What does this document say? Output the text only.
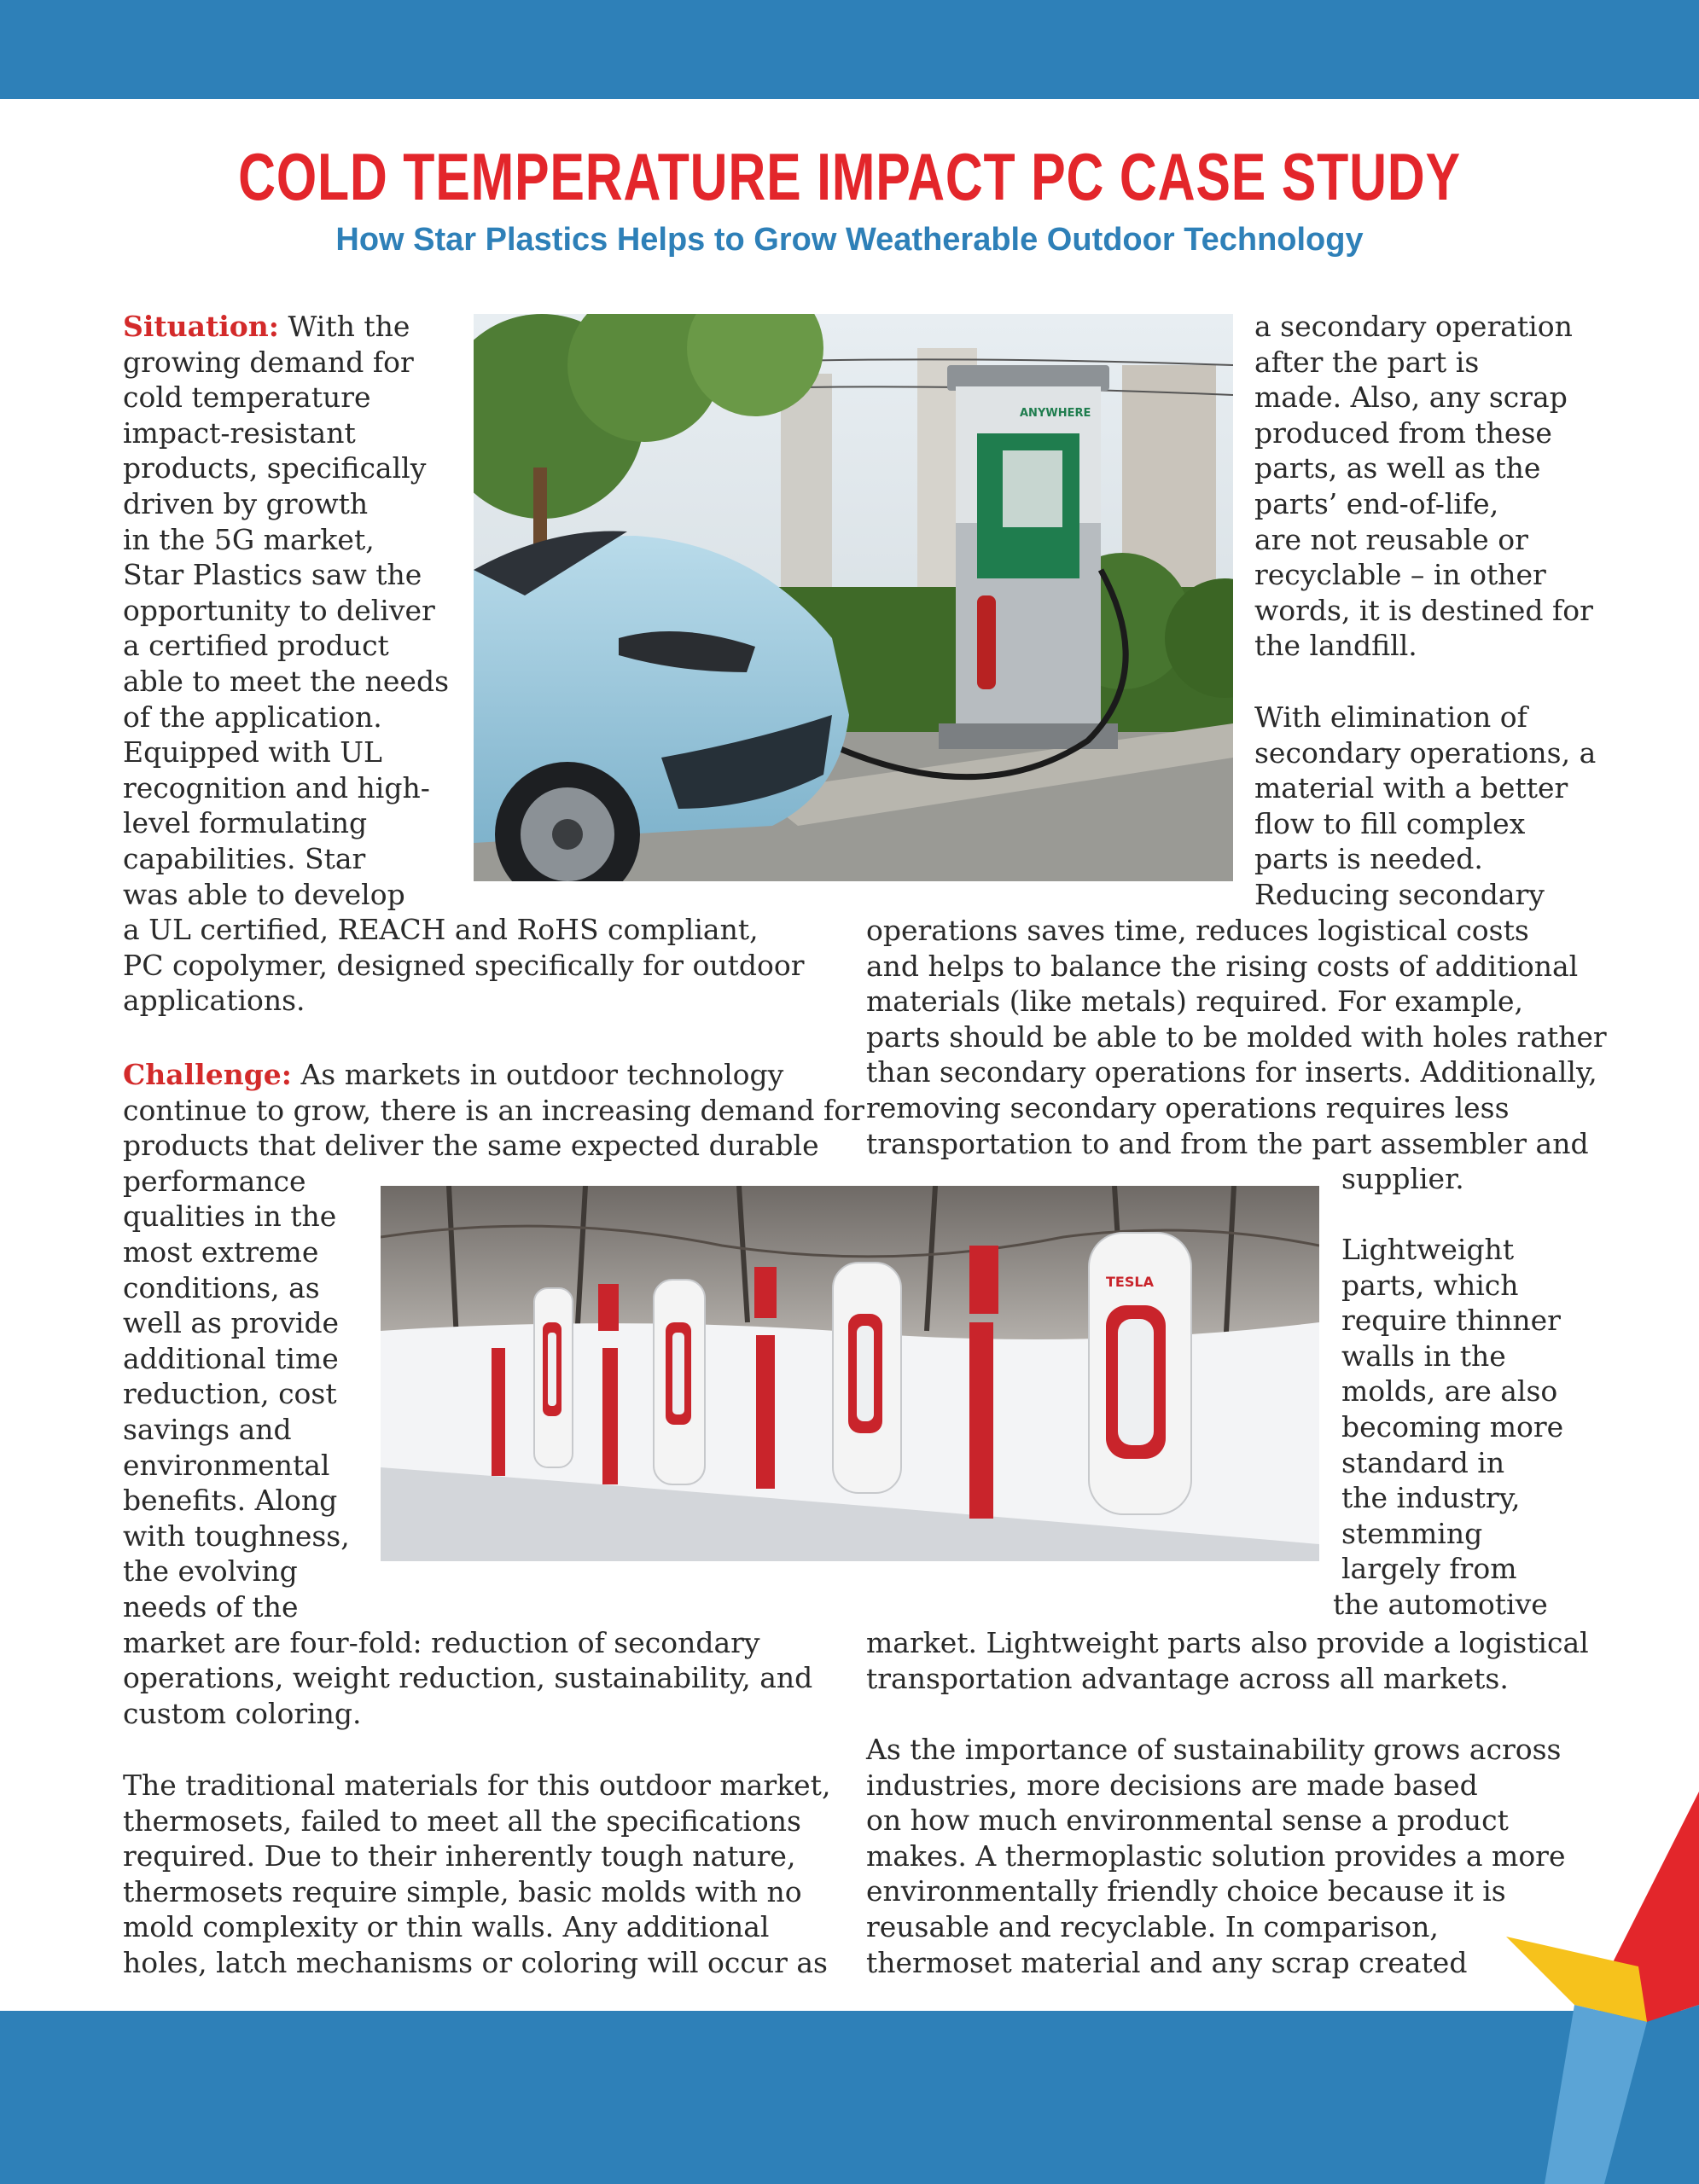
COLD TEMPERATURE IMPACT PC CASE STUDY
How Star Plastics Helps to Grow Weatherable Outdoor Technology
Situation: With the
growing demand for
cold temperature
impact-resistant
products, specifically
driven by growth
in the 5G market,
Star Plastics saw the
opportunity to deliver
a certified product
able to meet the needs
of the application.
Equipped with UL
recognition and high-
level formulating
capabilities. Star
was able to develop
a UL certified, REACH and RoHS compliant,
PC copolymer, designed specifically for outdoor
applications.
Challenge: As markets in outdoor technology
continue to grow, there is an increasing demand for
products that deliver the same expected durable
performance
qualities in the
most extreme
conditions, as
well as provide
additional time
reduction, cost
savings and
environmental
benefits. Along
with toughness,
the evolving
needs of the
market are four-fold: reduction of secondary
operations, weight reduction, sustainability, and
custom coloring.
The traditional materials for this outdoor market,
thermosets, failed to meet all the specifications
required. Due to their inherently tough nature,
thermosets require simple, basic molds with no
mold complexity or thin walls. Any additional
holes, latch mechanisms or coloring will occur as
a secondary operation
after the part is
made. Also, any scrap
produced from these
parts, as well as the
parts’ end-of-life,
are not reusable or
recyclable – in other
words, it is destined for
the landfill.
With elimination of
secondary operations, a
material with a better
flow to fill complex
parts is needed.
Reducing secondary
operations saves time, reduces logistical costs
and helps to balance the rising costs of additional
materials (like metals) required. For example,
parts should be able to be molded with holes rather
than secondary operations for inserts. Additionally,
removing secondary operations requires less
transportation to and from the part assembler and
supplier.
Lightweight
parts, which
require thinner
walls in the
molds, are also
becoming more
standard in
the industry,
stemming
largely from
the automotive
market. Lightweight parts also provide a logistical
transportation advantage across all markets.
As the importance of sustainability grows across
industries, more decisions are made based
on how much environmental sense a product
makes. A thermoplastic solution provides a more
environmentally friendly choice because it is
reusable and recyclable. In comparison,
thermoset material and any scrap created
ANYWHERE
TESLA
